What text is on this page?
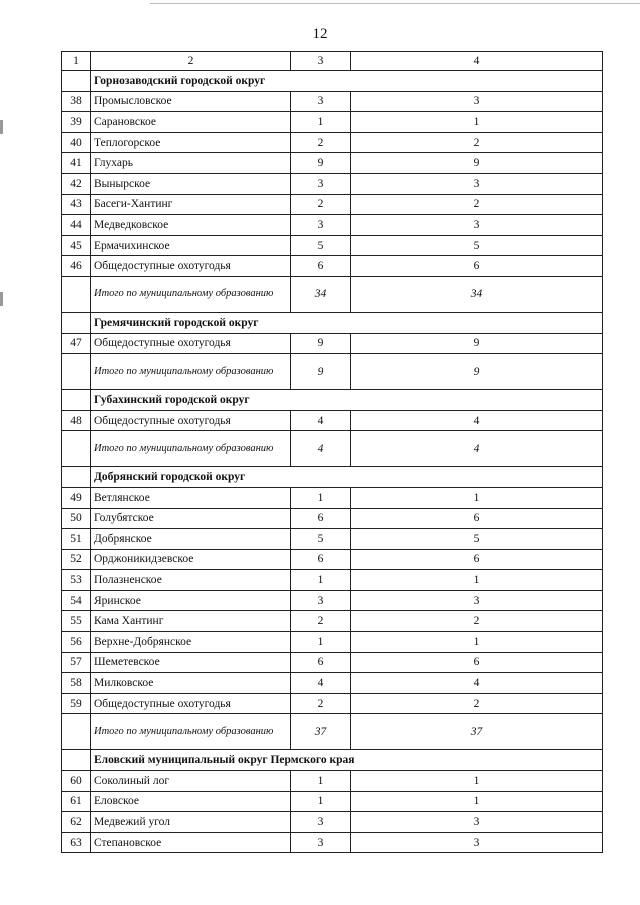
12
1	2	3	4
	Горнозаводский городской округ		
38	Промысловское	3	3
39	Сарановское	1	1
40	Теплогорское	2	2
41	Глухарь	9	9
42	Вынырское	3	3
43	Басеги-Хантинг	2	2
44	Медведковское	3	3
45	Ермачихинское	5	5
46	Общедоступные охотугодья	6	6
	Итого по муниципальному образованию	34	34
	Гремячинский городской округ		
47	Общедоступные охотугодья	9	9
	Итого по муниципальному образованию	9	9
	Губахинский городской округ		
48	Общедоступные охотугодья	4	4
	Итого по муниципальному образованию	4	4
	Добрянский городской округ		
49	Ветлянское	1	1
50	Голубятское	6	6
51	Добрянское	5	5
52	Орджоникидзевское	6	6
53	Полазненское	1	1
54	Яринское	3	3
55	Кама Хантинг	2	2
56	Верхне-Добрянское	1	1
57	Шеметевское	6	6
58	Милковское	4	4
59	Общедоступные охотугодья	2	2
	Итого по муниципальному образованию	37	37
	Еловский муниципальный округ Пермского края		
60	Соколиный лог	1	1
61	Еловское	1	1
62	Медвежий угол	3	3
63	Степановское	3	3
